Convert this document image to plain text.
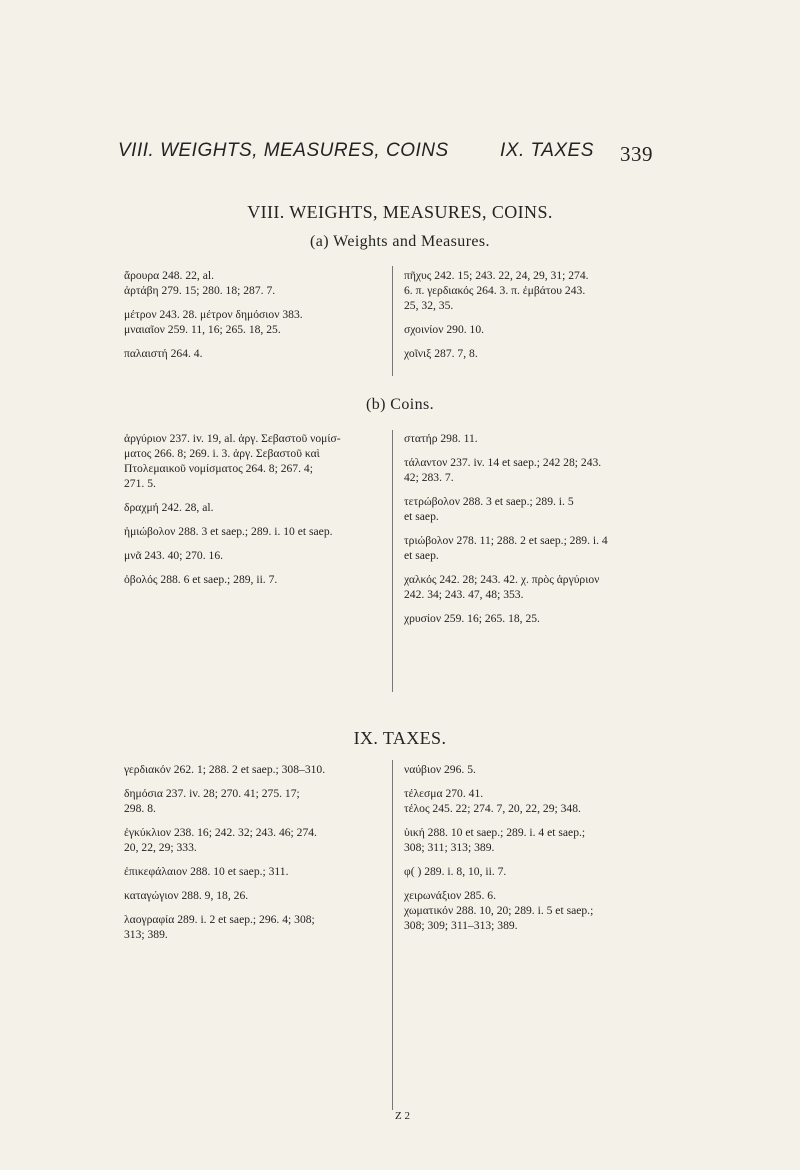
VIII. WEIGHTS, MEASURES, COINS	IX. TAXES 339
VIII. WEIGHTS, MEASURES, COINS.
(a) Weights and Measures.
ἄρουρα 248. 22, al.
ἀρτάβη 279. 15; 280. 18; 287. 7.
μέτρον 243. 28. μέτρον δημόσιον 383.
μναιαῖον 259. 11, 16; 265. 18, 25.
παλαιστή 264. 4.
πῆχυς 242. 15; 243. 22, 24, 29, 31; 274.
6. π. γερδιακός 264. 3. π. ἐμβάτου 243.
25, 32, 35.
σχοινίον 290. 10.
χοῖνιξ 287. 7, 8.
(b) Coins.
ἀργύριον 237. iv. 19, al. ἀργ. Σεβαστοῦ νομίσ-
ματος 266. 8; 269. i. 3. ἀργ. Σεβαστοῦ καὶ
Πτολεμαικοῦ νομίσματος 264. 8; 267. 4;
271. 5.
δραχμή 242. 28, al.
ἡμιώβολον 288. 3 et saep.; 289. i. 10 et saep.
μνᾶ 243. 40; 270. 16.
ὀβολός 288. 6 et saep.; 289, ii. 7.
στατήρ 298. 11.
τάλαντον 237. iv. 14 et saep.; 242 28; 243.
42; 283. 7.
τετρώβολον 288. 3 et saep.; 289. i. 5
et saep.
τριώβολον 278. 11; 288. 2 et saep.; 289. i. 4
et saep.
χαλκός 242. 28; 243. 42. χ. πρὸς ἀργύριον
242. 34; 243. 47, 48; 353.
χρυσίον 259. 16; 265. 18, 25.
IX. TAXES.
γερδιακόν 262. 1; 288. 2 et saep.; 308–310.
δημόσια 237. iv. 28; 270. 41; 275. 17;
298. 8.
ἐγκύκλιον 238. 16; 242. 32; 243. 46; 274.
20, 22, 29; 333.
ἐπικεφάλαιον 288. 10 et saep.; 311.
καταγώγιον 288. 9, 18, 26.
λαογραφία 289. i. 2 et saep.; 296. 4; 308;
313; 389.
ναύβιον 296. 5.
τέλεσμα 270. 41.
τέλος 245. 22; 274. 7, 20, 22, 29; 348.
ὑική 288. 10 et saep.; 289. i. 4 et saep.;
308; 311; 313; 389.
φ( ) 289. i. 8, 10, ii. 7.
χειρωνάξιον 285. 6.
χωματικόν 288. 10, 20; 289. i. 5 et saep.;
308; 309; 311–313; 389.
Z 2
